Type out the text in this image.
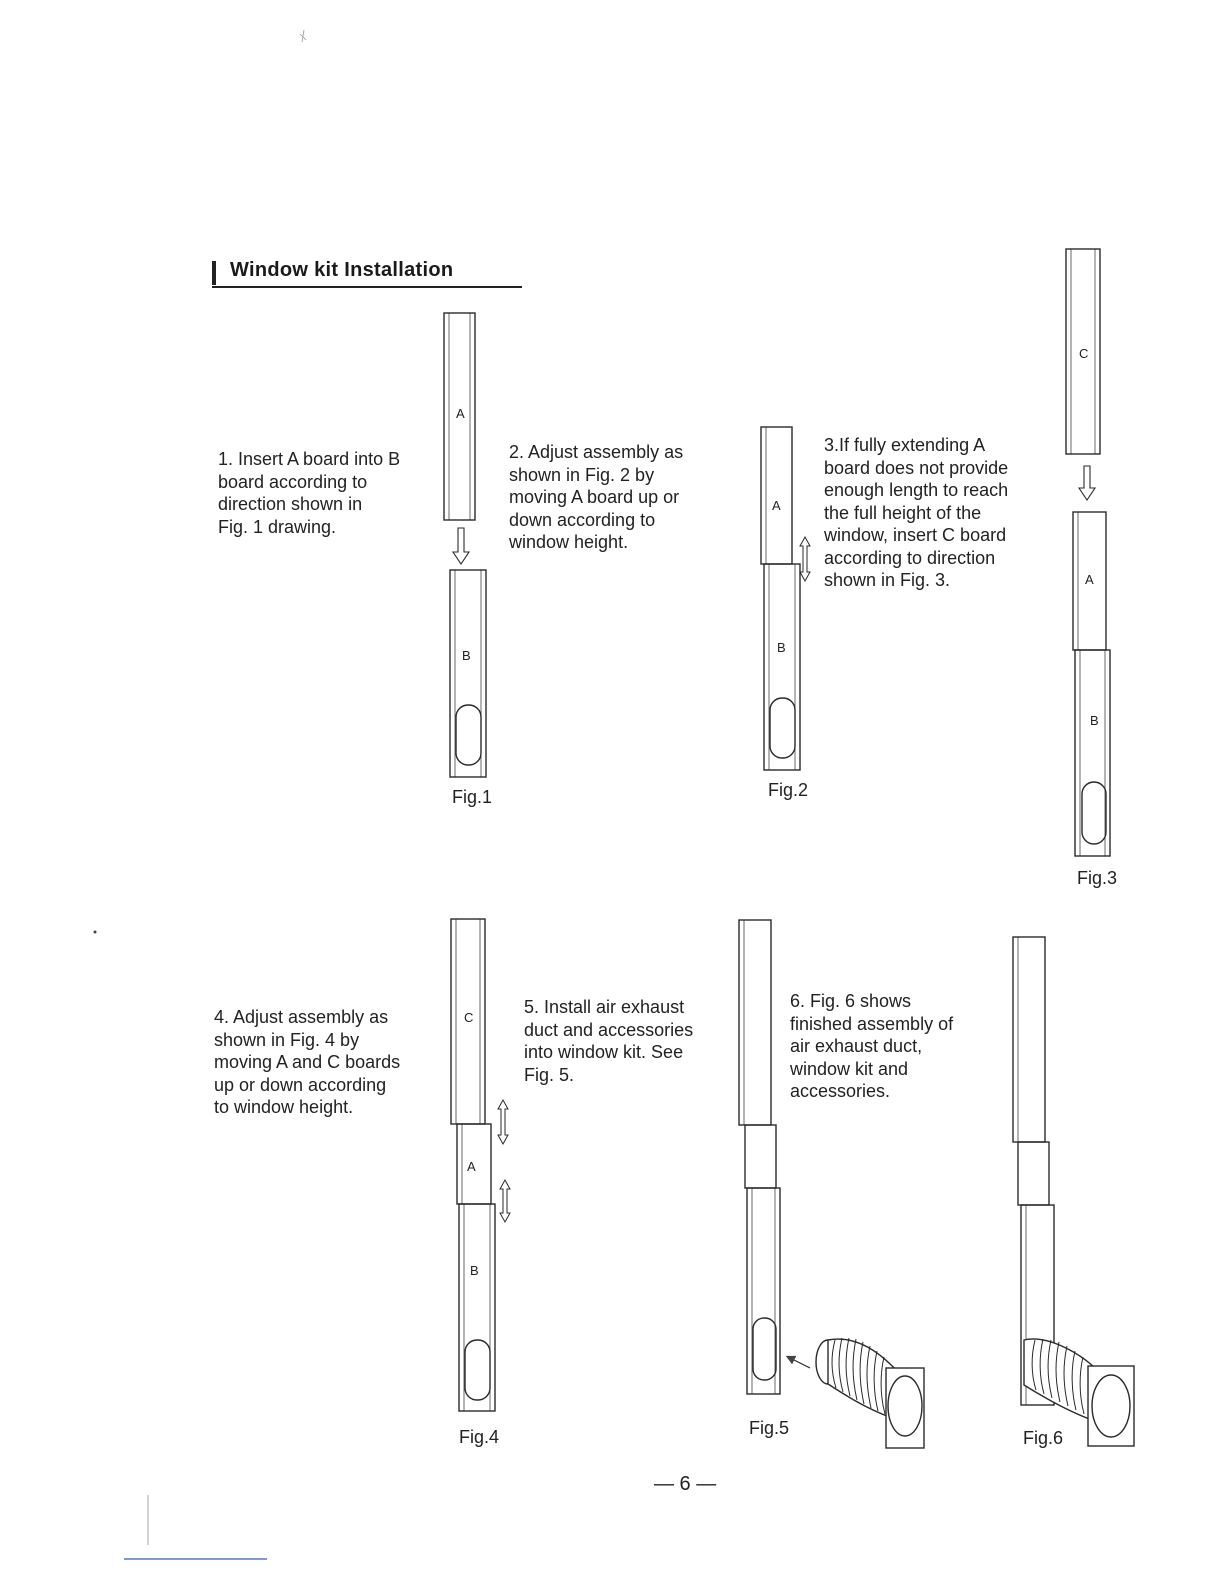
Window kit Installation
1. Insert A board into B
board according to
direction shown in
Fig. 1 drawing.
2. Adjust assembly as
shown in Fig. 2 by
moving A board up or
down according to
window height.
3.If fully extending A
board does not provide
enough length to reach
the full height of the
window, insert C board
according to direction
shown in Fig. 3.
4. Adjust assembly as
shown in Fig. 4 by
moving A and C boards
up or down according
to window height.
5. Install air exhaust
duct and accessories
into window kit. See
Fig. 5.
6. Fig. 6 shows
finished assembly of
air exhaust duct,
window kit and
accessories.
Fig.1	Fig.2
Fig.3
Fig.4	Fig.5	Fig.6
— 6 —
A
B
A
B
C
A
B
C
A
B
